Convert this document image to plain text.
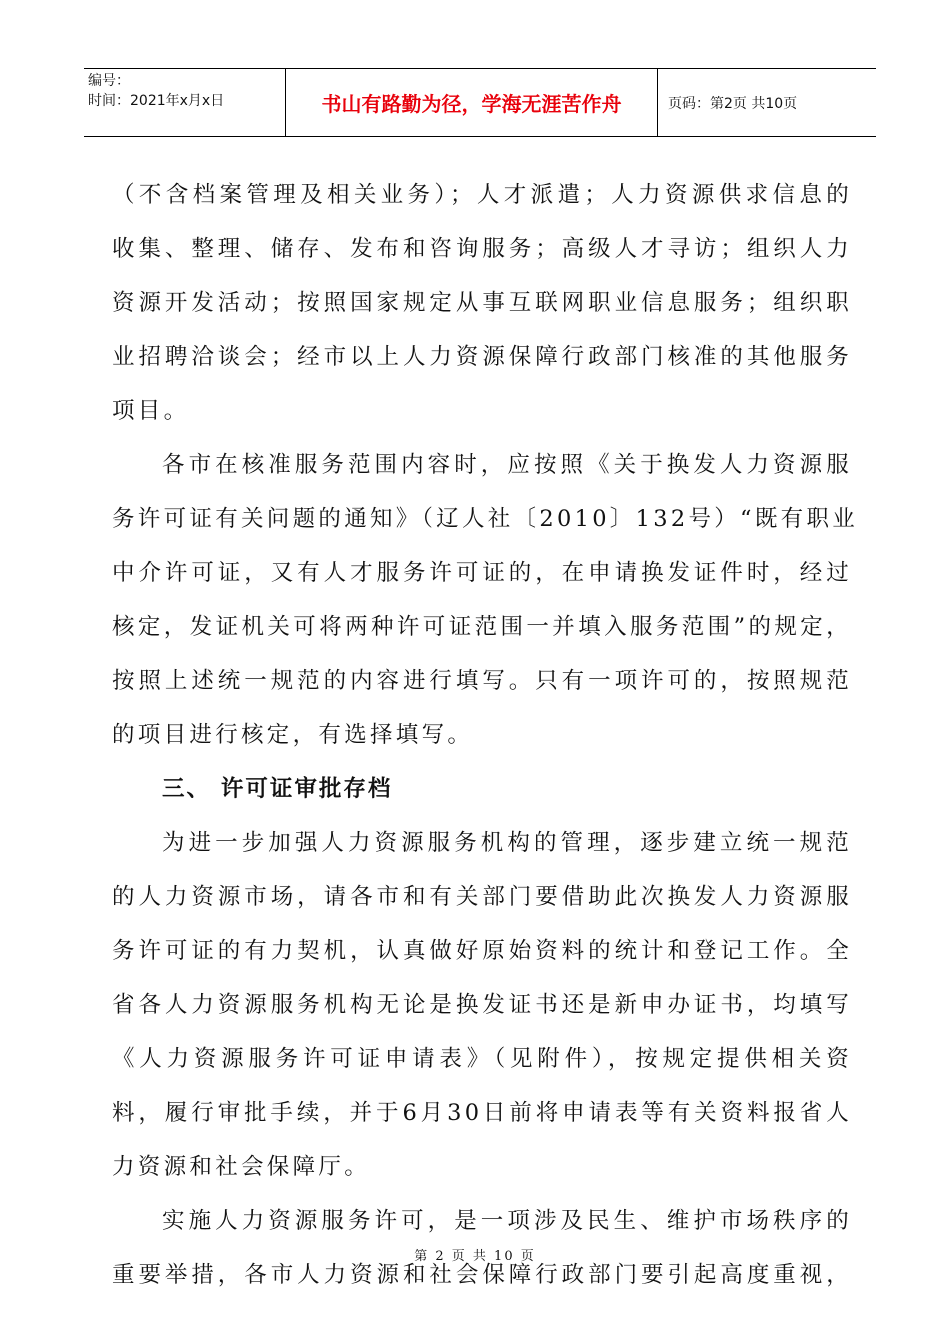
编号：
时间：2021年x月x日	书山有路勤为径，学海无涯苦作舟	页码：第2页 共10页
（不含档案管理及相关业务）；人才派遣；人力资源供求信息的
收集、整理、储存、发布和咨询服务；高级人才寻访；组织人力
资源开发活动；按照国家规定从事互联网职业信息服务；组织职
业招聘洽谈会；经市以上人力资源保障行政部门核准的其他服务
项目。
各市在核准服务范围内容时，应按照《关于换发人力资源服
务许可证有关问题的通知》（辽人社〔2010〕132号）“既有职业
中介许可证，又有人才服务许可证的，在申请换发证件时，经过
核定，发证机关可将两种许可证范围一并填入服务范围”的规定，
按照上述统一规范的内容进行填写。只有一项许可的，按照规范
的项目进行核定，有选择填写。
三、 许可证审批存档
为进一步加强人力资源服务机构的管理，逐步建立统一规范
的人力资源市场，请各市和有关部门要借助此次换发人力资源服
务许可证的有力契机，认真做好原始资料的统计和登记工作。全
省各人力资源服务机构无论是换发证书还是新申办证书，均填写
《人力资源服务许可证申请表》（见附件），按规定提供相关资
料，履行审批手续，并于6月30日前将申请表等有关资料报省人
力资源和社会保障厅。
实施人力资源服务许可，是一项涉及民生、维护市场秩序的
重要举措，各市人力资源和社会保障行政部门要引起高度重视，
第 2 页 共 10 页
